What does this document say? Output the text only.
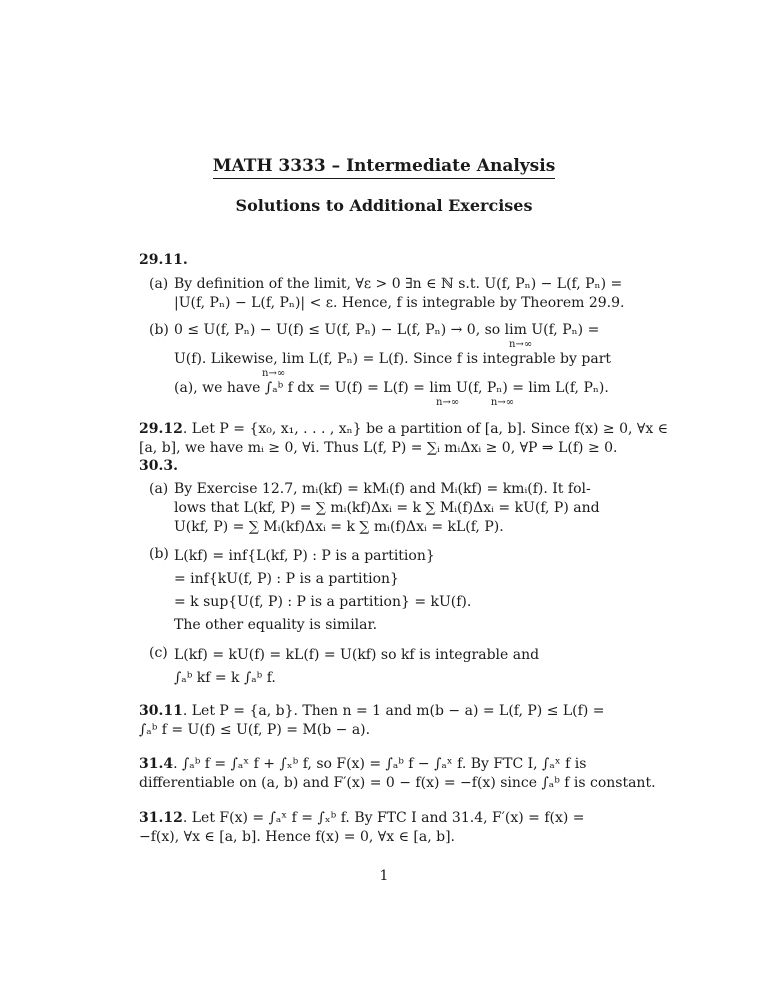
MATH 3333 – Intermediate Analysis
Solutions to Additional Exercises
29.11.
(a) By definition of the limit, ∀ε > 0 ∃n ∈ ℕ s.t. U(f, Pₙ) − L(f, Pₙ) =
|U(f, Pₙ) − L(f, Pₙ)| < ε. Hence, f is integrable by Theorem 29.9.
(b) 0 ≤ U(f, Pₙ) − U(f) ≤ U(f, Pₙ) − L(f, Pₙ) → 0, so lim U(f, Pₙ) =
n→∞
U(f). Likewise, lim L(f, Pₙ) = L(f). Since f is integrable by part
n→∞
(a), we have ∫ₐᵇ f dx = U(f) = L(f) = lim U(f, Pₙ) = lim L(f, Pₙ).
n→∞          n→∞
29.12. Let P = {x₀, x₁, . . . , xₙ} be a partition of [a, b]. Since f(x) ≥ 0, ∀x ∈
[a, b], we have mᵢ ≥ 0, ∀i. Thus L(f, P) = ∑ᵢ mᵢΔxᵢ ≥ 0, ∀P ⇒ L(f) ≥ 0.
30.3.
(a) By Exercise 12.7, mᵢ(kf) = kMᵢ(f) and Mᵢ(kf) = kmᵢ(f). It fol-
lows that L(kf, P) = ∑ mᵢ(kf)Δxᵢ = k ∑ Mᵢ(f)Δxᵢ = kU(f, P) and
U(kf, P) = ∑ Mᵢ(kf)Δxᵢ = k ∑ mᵢ(f)Δxᵢ = kL(f, P).
(b) L(kf) = inf{L(kf, P) : P is a partition}
= inf{kU(f, P) : P is a partition}
= k sup{U(f, P) : P is a partition} = kU(f).
The other equality is similar.
(c) L(kf) = kU(f) = kL(f) = U(kf) so kf is integrable and
∫ₐᵇ kf = k ∫ₐᵇ f.
30.11. Let P = {a, b}. Then n = 1 and m(b − a) = L(f, P) ≤ L(f) =
∫ₐᵇ f = U(f) ≤ U(f, P) = M(b − a).
31.4. ∫ₐᵇ f = ∫ₐˣ f + ∫ₓᵇ f, so F(x) = ∫ₐᵇ f − ∫ₐˣ f. By FTC I, ∫ₐˣ f is
differentiable on (a, b) and F′(x) = 0 − f(x) = −f(x) since ∫ₐᵇ f is constant.
31.12. Let F(x) = ∫ₐˣ f = ∫ₓᵇ f. By FTC I and 31.4, F′(x) = f(x) =
−f(x), ∀x ∈ [a, b]. Hence f(x) = 0, ∀x ∈ [a, b].
1
